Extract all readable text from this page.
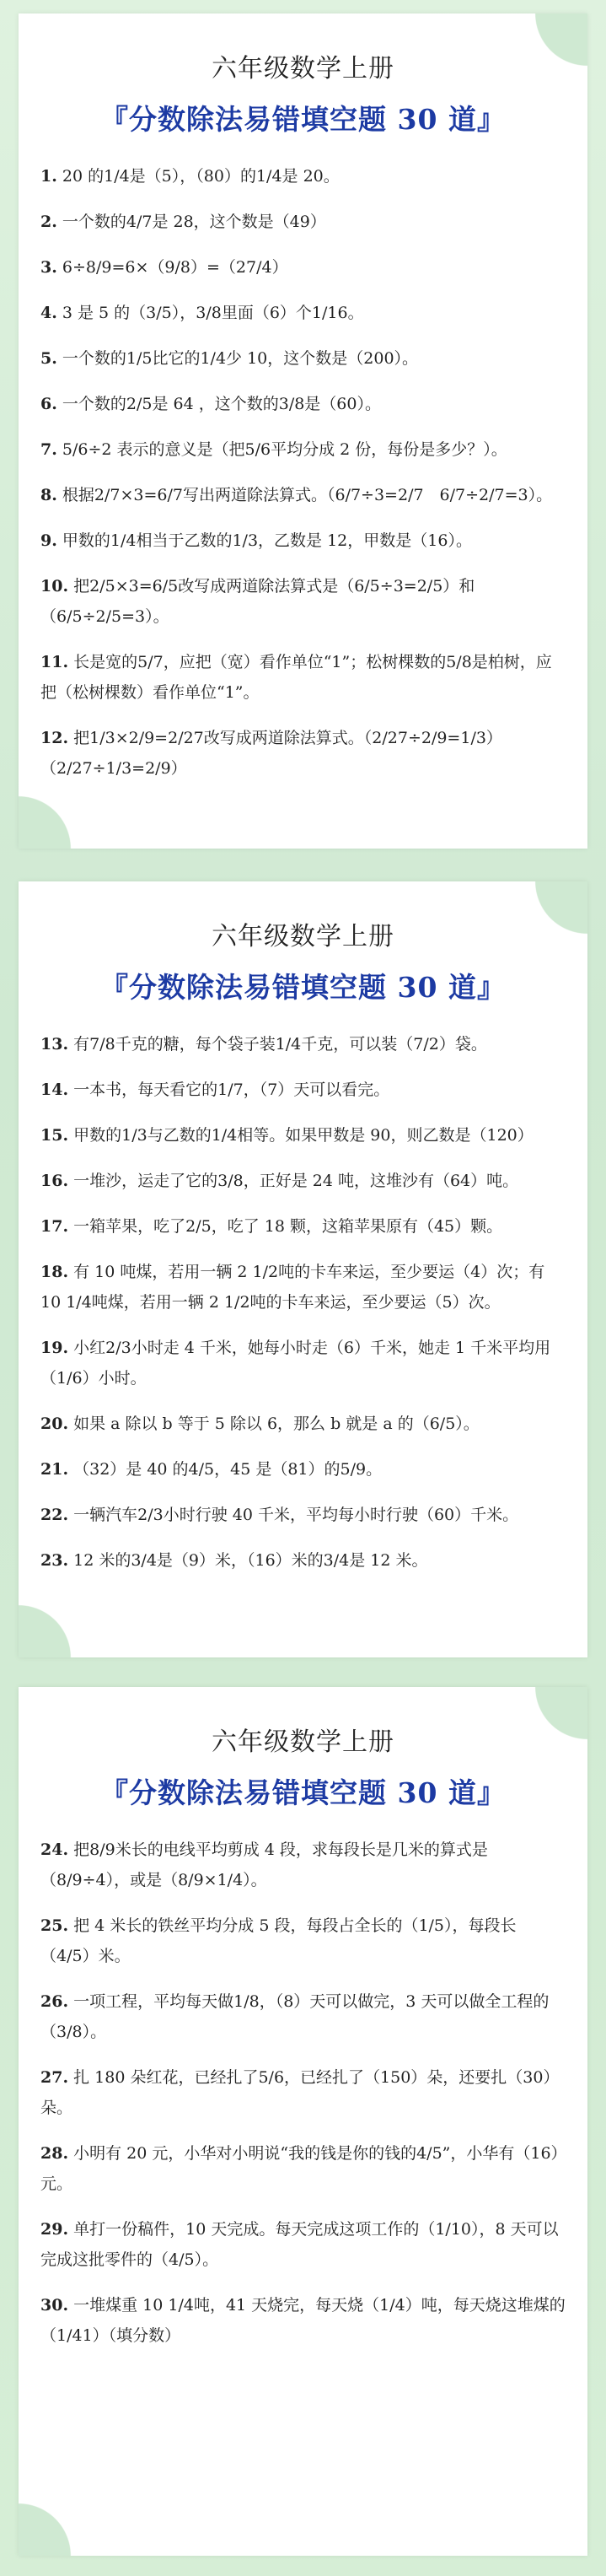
六年级数学上册
『分数除法易错填空题 30 道』
1. 20 的1/4是（5），（80）的1/4是 20。
2. 一个数的4/7是 28，这个数是（49）
3. 6÷8/9=6×（9/8）=（27/4）
4. 3 是 5 的（3/5），3/8里面（6）个1/16。
5. 一个数的1/5比它的1/4少 10，这个数是（200）。
6. 一个数的2/5是 64 ，这个数的3/8是（60）。
7. 5/6÷2 表示的意义是（把5/6平均分成 2 份，每份是多少？）。
8. 根据2/7×3=6/7写出两道除法算式。（6/7÷3=2/7　6/7÷2/7=3）。
9. 甲数的1/4相当于乙数的1/3，乙数是 12，甲数是（16）。
10. 把2/5×3=6/5改写成两道除法算式是（6/5÷3=2/5）和（6/5÷2/5=3）。
11. 长是宽的5/7，应把（宽）看作单位“1”；松树棵数的5/8是柏树，应把（松树棵数）看作单位“1”。
12. 把1/3×2/9=2/27改写成两道除法算式。（2/27÷2/9=1/3）（2/27÷1/3=2/9）
六年级数学上册
『分数除法易错填空题 30 道』
13. 有7/8千克的糖，每个袋子装1/4千克，可以装（7/2）袋。
14. 一本书，每天看它的1/7，（7）天可以看完。
15. 甲数的1/3与乙数的1/4相等。如果甲数是 90，则乙数是（120）
16. 一堆沙，运走了它的3/8，正好是 24 吨，这堆沙有（64）吨。
17. 一箱苹果，吃了2/5，吃了 18 颗，这箱苹果原有（45）颗。
18. 有 10 吨煤，若用一辆 2 1/2吨的卡车来运，至少要运（4）次；有 10 1/4吨煤，若用一辆 2 1/2吨的卡车来运，至少要运（5）次。
19. 小红2/3小时走 4 千米，她每小时走（6）千米，她走 1 千米平均用（1/6）小时。
20. 如果 a 除以 b 等于 5 除以 6，那么 b 就是 a 的（6/5）。
21. （32）是 40 的4/5，45 是（81）的5/9。
22. 一辆汽车2/3小时行驶 40 千米，平均每小时行驶（60）千米。
23. 12 米的3/4是（9）米，（16）米的3/4是 12 米。
六年级数学上册
『分数除法易错填空题 30 道』
24. 把8/9米长的电线平均剪成 4 段，求每段长是几米的算式是（8/9÷4），或是（8/9×1/4）。
25. 把 4 米长的铁丝平均分成 5 段，每段占全长的（1/5），每段长（4/5）米。
26. 一项工程，平均每天做1/8，（8）天可以做完，3 天可以做全工程的（3/8）。
27. 扎 180 朵红花，已经扎了5/6，已经扎了（150）朵，还要扎（30）朵。
28. 小明有 20 元，小华对小明说“我的钱是你的钱的4/5”，小华有（16）元。
29. 单打一份稿件，10 天完成。每天完成这项工作的（1/10），8 天可以完成这批零件的（4/5）。
30. 一堆煤重 10 1/4吨，41 天烧完，每天烧（1/4）吨，每天烧这堆煤的（1/41）（填分数）
